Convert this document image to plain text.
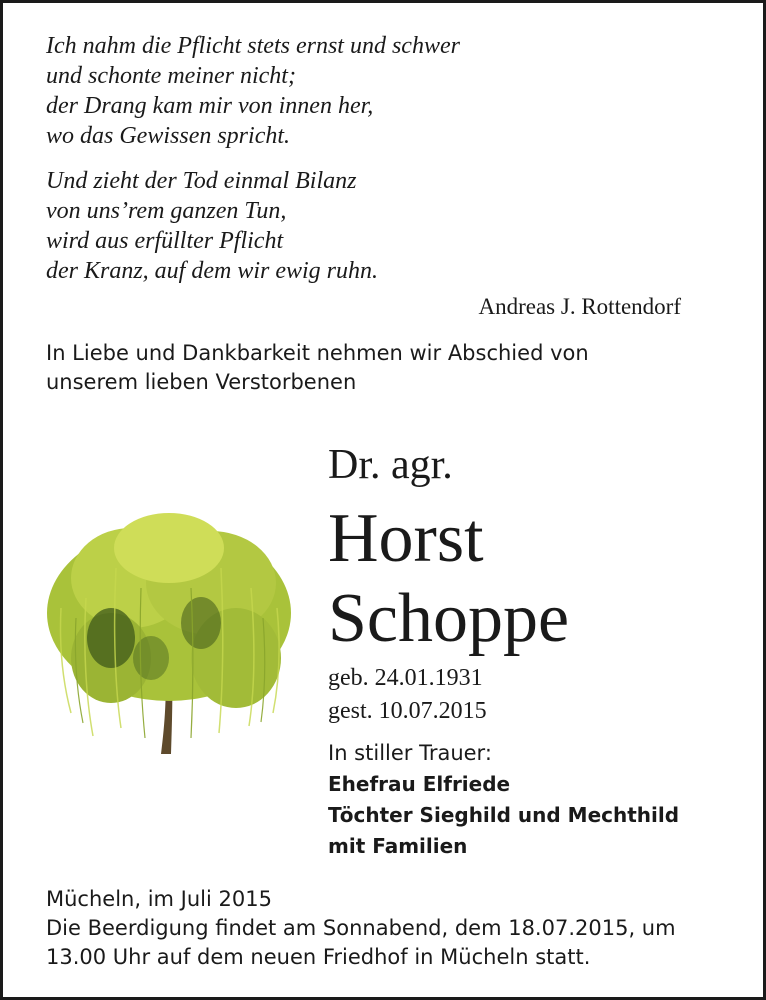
Ich nahm die Pflicht stets ernst und schwer
und schonte meiner nicht;
der Drang kam mir von innen her,
wo das Gewissen spricht.
Und zieht der Tod einmal Bilanz
von uns’rem ganzen Tun,
wird aus erfüllter Pflicht
der Kranz, auf dem wir ewig ruhn.
Andreas J. Rottendorf
In Liebe und Dankbarkeit nehmen wir Abschied von
unserem lieben Verstorbenen
Dr. agr.
Horst
Schoppe
geb. 24.01.1931
gest. 10.07.2015
In stiller Trauer:
Ehefrau Elfriede
Töchter Sieghild und Mechthild
mit Familien
Mücheln, im Juli 2015
Die Beerdigung findet am Sonnabend, dem 18.07.2015, um
13.00 Uhr auf dem neuen Friedhof in Mücheln statt.
